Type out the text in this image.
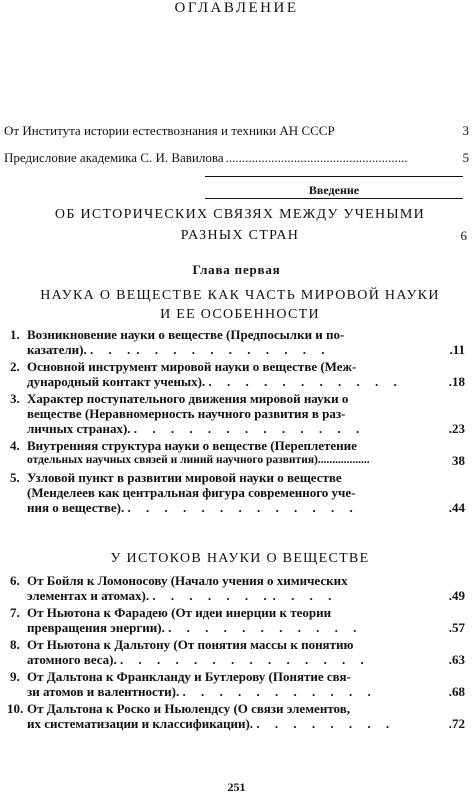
ОГЛАВЛЕНИЕ
От Института истории естествознания и техники АН СССР	3
Предисловие академика С. И. Вавилова ........................................................	5
Введение
ОБ ИСТОРИЧЕСКИХ СВЯЗЯХ МЕЖДУ УЧЕНЫМИ
РАЗНЫХ СТРАН	6
Глава первая
НАУКА О ВЕЩЕСТВЕ КАК ЧАСТЬ МИРОВОЙ НАУКИ
И ЕЕ ОСОБЕННОСТИ
1. Возникновение науки о веществе (Предпосылки и по-
казатели). . . .. . . . . . . . . . .	.11
2. Основной инструмент мировой науки о веществе (Меж-
дународный контакт ученых). . . . . . . . . . . .	.18
3. Характер поступательного движения мировой науки о
веществе (Неравномерность научного развития в раз-
личных странах). . . . . . . . . . . . . .	.23
4. Внутренняя структура науки о веществе (Переплетение
отдельных научных связей и линий научного развития)..................	38
5. Узловой пункт в развитии мировой науки о веществе
(Менделеев как центральная фигура современного уче-
ния о веществе). . . . . . . . . . . . . .	.44
У ИСТОКОВ НАУКИ О ВЕЩЕСТВЕ
6. От Бойля к Ломоносову (Начало учения о химических
элементах и атомах). . . . . . . .. . . .	.49
7. От Ньютона к Фарадею (От идеи инерции к теории
превращения энергии). . . . . . . . . . . .	.57
8. От Ньютона к Дальтону (От понятия массы к понятию
атомного веса). . . . . . . . . . . . . . .	.63
9. От Дальтона к Франкланду и Бутлерову (Понятие свя-
зи атомов и валентности). . . . . . . . . . . .	.68
10. От Дальтона к Роско и Ньюлендсу (О связи элементов,
их систематизации и классификации). . . . . . . . .	.72
251
